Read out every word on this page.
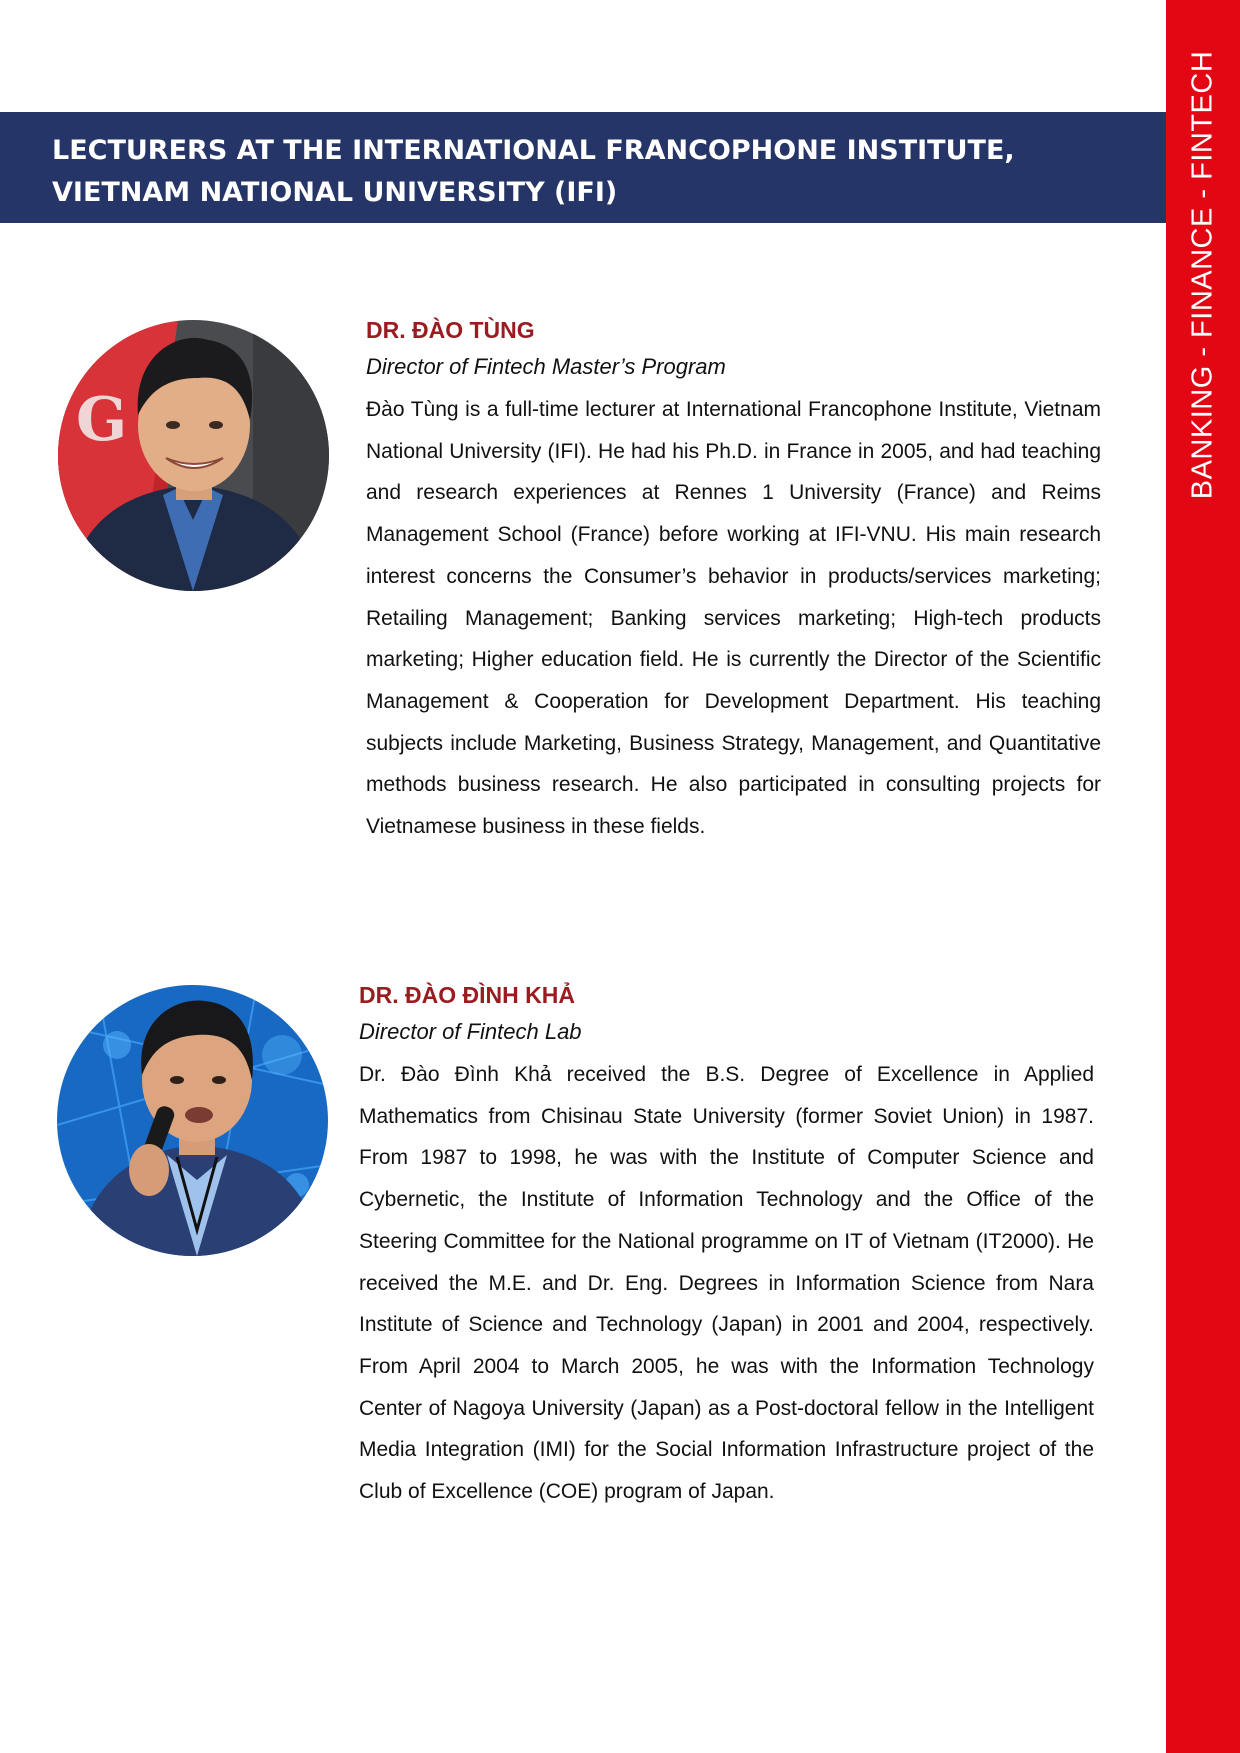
BANKING - FINANCE - FINTECH
LECTURERS AT THE INTERNATIONAL FRANCOPHONE INSTITUTE, VIETNAM NATIONAL UNIVERSITY (IFI)
G
DR. ĐÀO TÙNG

Director of Fintech Master’s Program

Đào Tùng is a full-time lecturer at International Francophone Institute, Vietnam National University (IFI). He had his Ph.D. in France in 2005, and had teaching and research experiences at Rennes 1 University (France) and Reims Management School (France) before working at IFI-VNU. His main research interest concerns the Consumer’s behavior in products/services marketing; Retailing Management; Banking services marketing; High-tech products marketing; Higher education field. He is currently the Director of the Scientific Management & Cooperation for Development Department. His teaching subjects include Marketing, Business Strategy, Management, and Quantitative methods business research. He also participated in consulting projects for Vietnamese business in these fields.

DR. ĐÀO ĐÌNH KHẢ

Director of Fintech Lab

Dr. Đào Đình Khả received the B.S. Degree of Excellence in Applied Mathematics from Chisinau State University (former Soviet Union) in 1987. From 1987 to 1998, he was with the Institute of Computer Science and Cybernetic, the Institute of Information Technology and the Office of the Steering Committee for the National programme on IT of Vietnam (IT2000). He received the M.E. and Dr. Eng. Degrees in Information Science from Nara Institute of Science and Technology (Japan) in 2001 and 2004, respectively. From April 2004 to March 2005, he was with the Information Technology Center of Nagoya University (Japan) as a Post-doctoral fellow in the Intelligent Media Integration (IMI) for the Social Information Infrastructure project of the Club of Excellence (COE) program of Japan.
